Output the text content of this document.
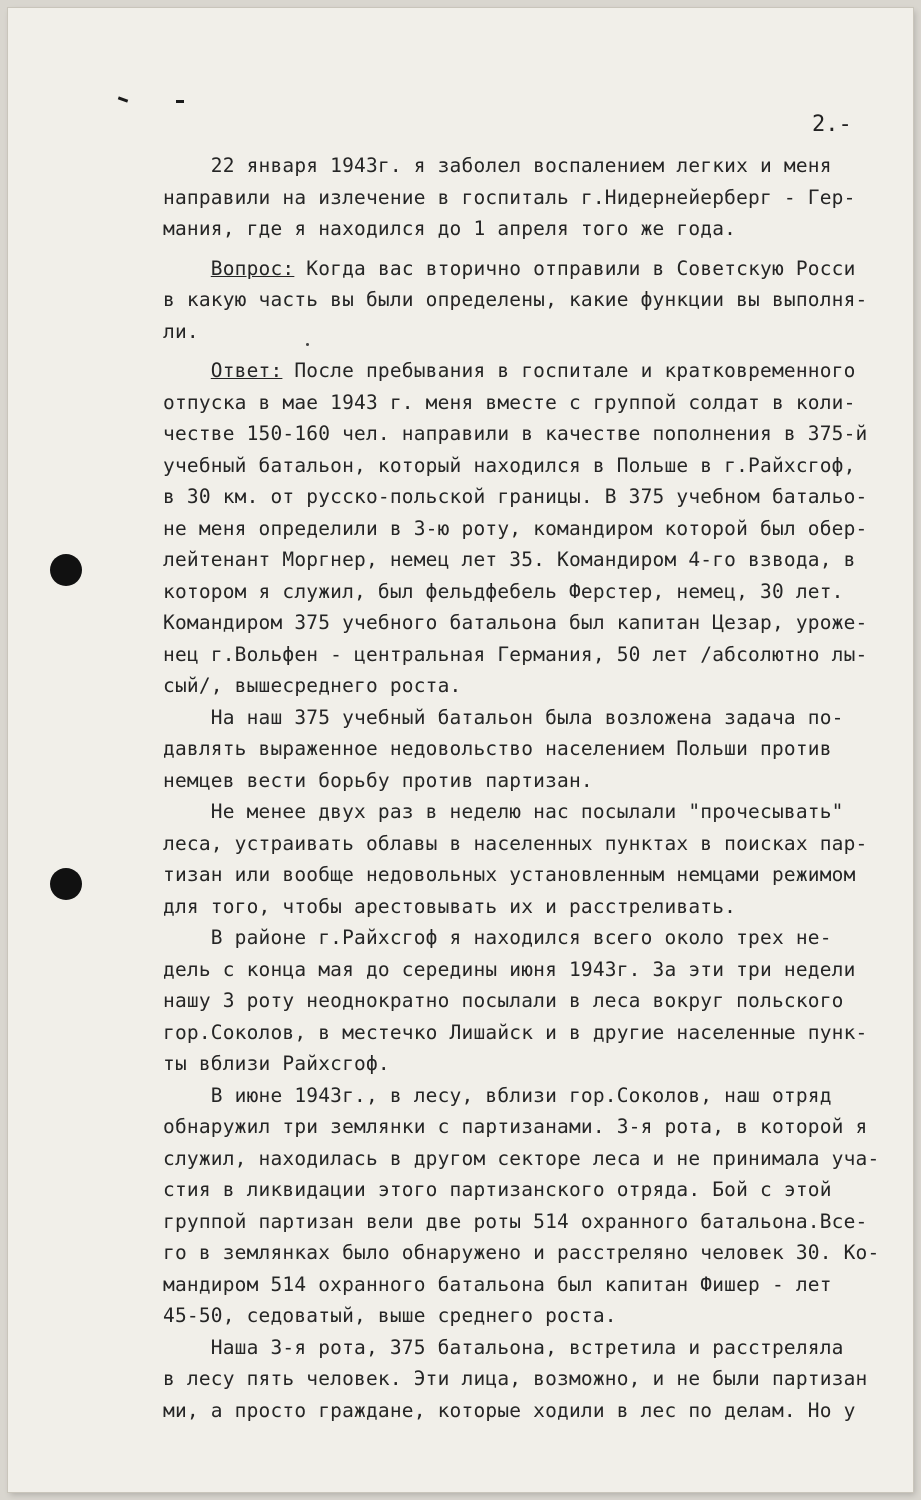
2.-
22 января 1943г. я заболел воспалением легких и меня
направили на излечение в госпиталь г.Нидернейерберг - Гер-
мания, где я находился до 1 апреля того же года.
Вопрос: Когда вас вторично отправили в Советскую Росси
в какую часть вы были определены, какие функции вы выполня-
ли.
Ответ: После пребывания в госпитале и кратковременного
отпуска в мае 1943 г. меня вместе с группой солдат в коли-
честве 150-160 чел. направили в качестве пополнения в 375-й
учебный батальон, который находился в Польше в г.Райхсгоф,
в 30 км. от русско-польской границы. В 375 учебном батальо-
не меня определили в 3-ю роту, командиром которой был обер-
лейтенант Моргнер, немец лет 35. Командиром 4-го взвода, в
котором я служил, был фельдфебель Ферстер, немец, 30 лет.
Командиром 375 учебного батальона был капитан Цезар, уроже-
нец г.Вольфен - центральная Германия, 50 лет /абсолютно лы-
сый/, вышесреднего роста.
На наш 375 учебный батальон была возложена задача по-
давлять выраженное недовольство населением Польши против
немцев вести борьбу против партизан.
Не менее двух раз в неделю нас посылали "прочесывать"
леса, устраивать облавы в населенных пунктах в поисках пар-
тизан или вообще недовольных установленным немцами режимом
для того, чтобы арестовывать их и расстреливать.
В районе г.Райхсгоф я находился всего около трех не-
дель с конца мая до середины июня 1943г. За эти три недели
нашу 3 роту неоднократно посылали в леса вокруг польского
гор.Соколов, в местечко Лишайск и в другие населенные пунк-
ты вблизи Райхсгоф.
В июне 1943г., в лесу, вблизи гор.Соколов, наш отряд
обнаружил три землянки с партизанами. 3-я рота, в которой я
служил, находилась в другом секторе леса и не принимала уча-
стия в ликвидации этого партизанского отряда. Бой с этой
группой партизан вели две роты 514 охранного батальона.Все-
го в землянках было обнаружено и расстреляно человек 30. Ко-
мандиром 514 охранного батальона был капитан Фишер - лет
45-50, седоватый, выше среднего роста.
Наша 3-я рота, 375 батальона, встретила и расстреляла
в лесу пять человек. Эти лица, возможно, и не были партизан
ми, а просто граждане, которые ходили в лес по делам. Но у
